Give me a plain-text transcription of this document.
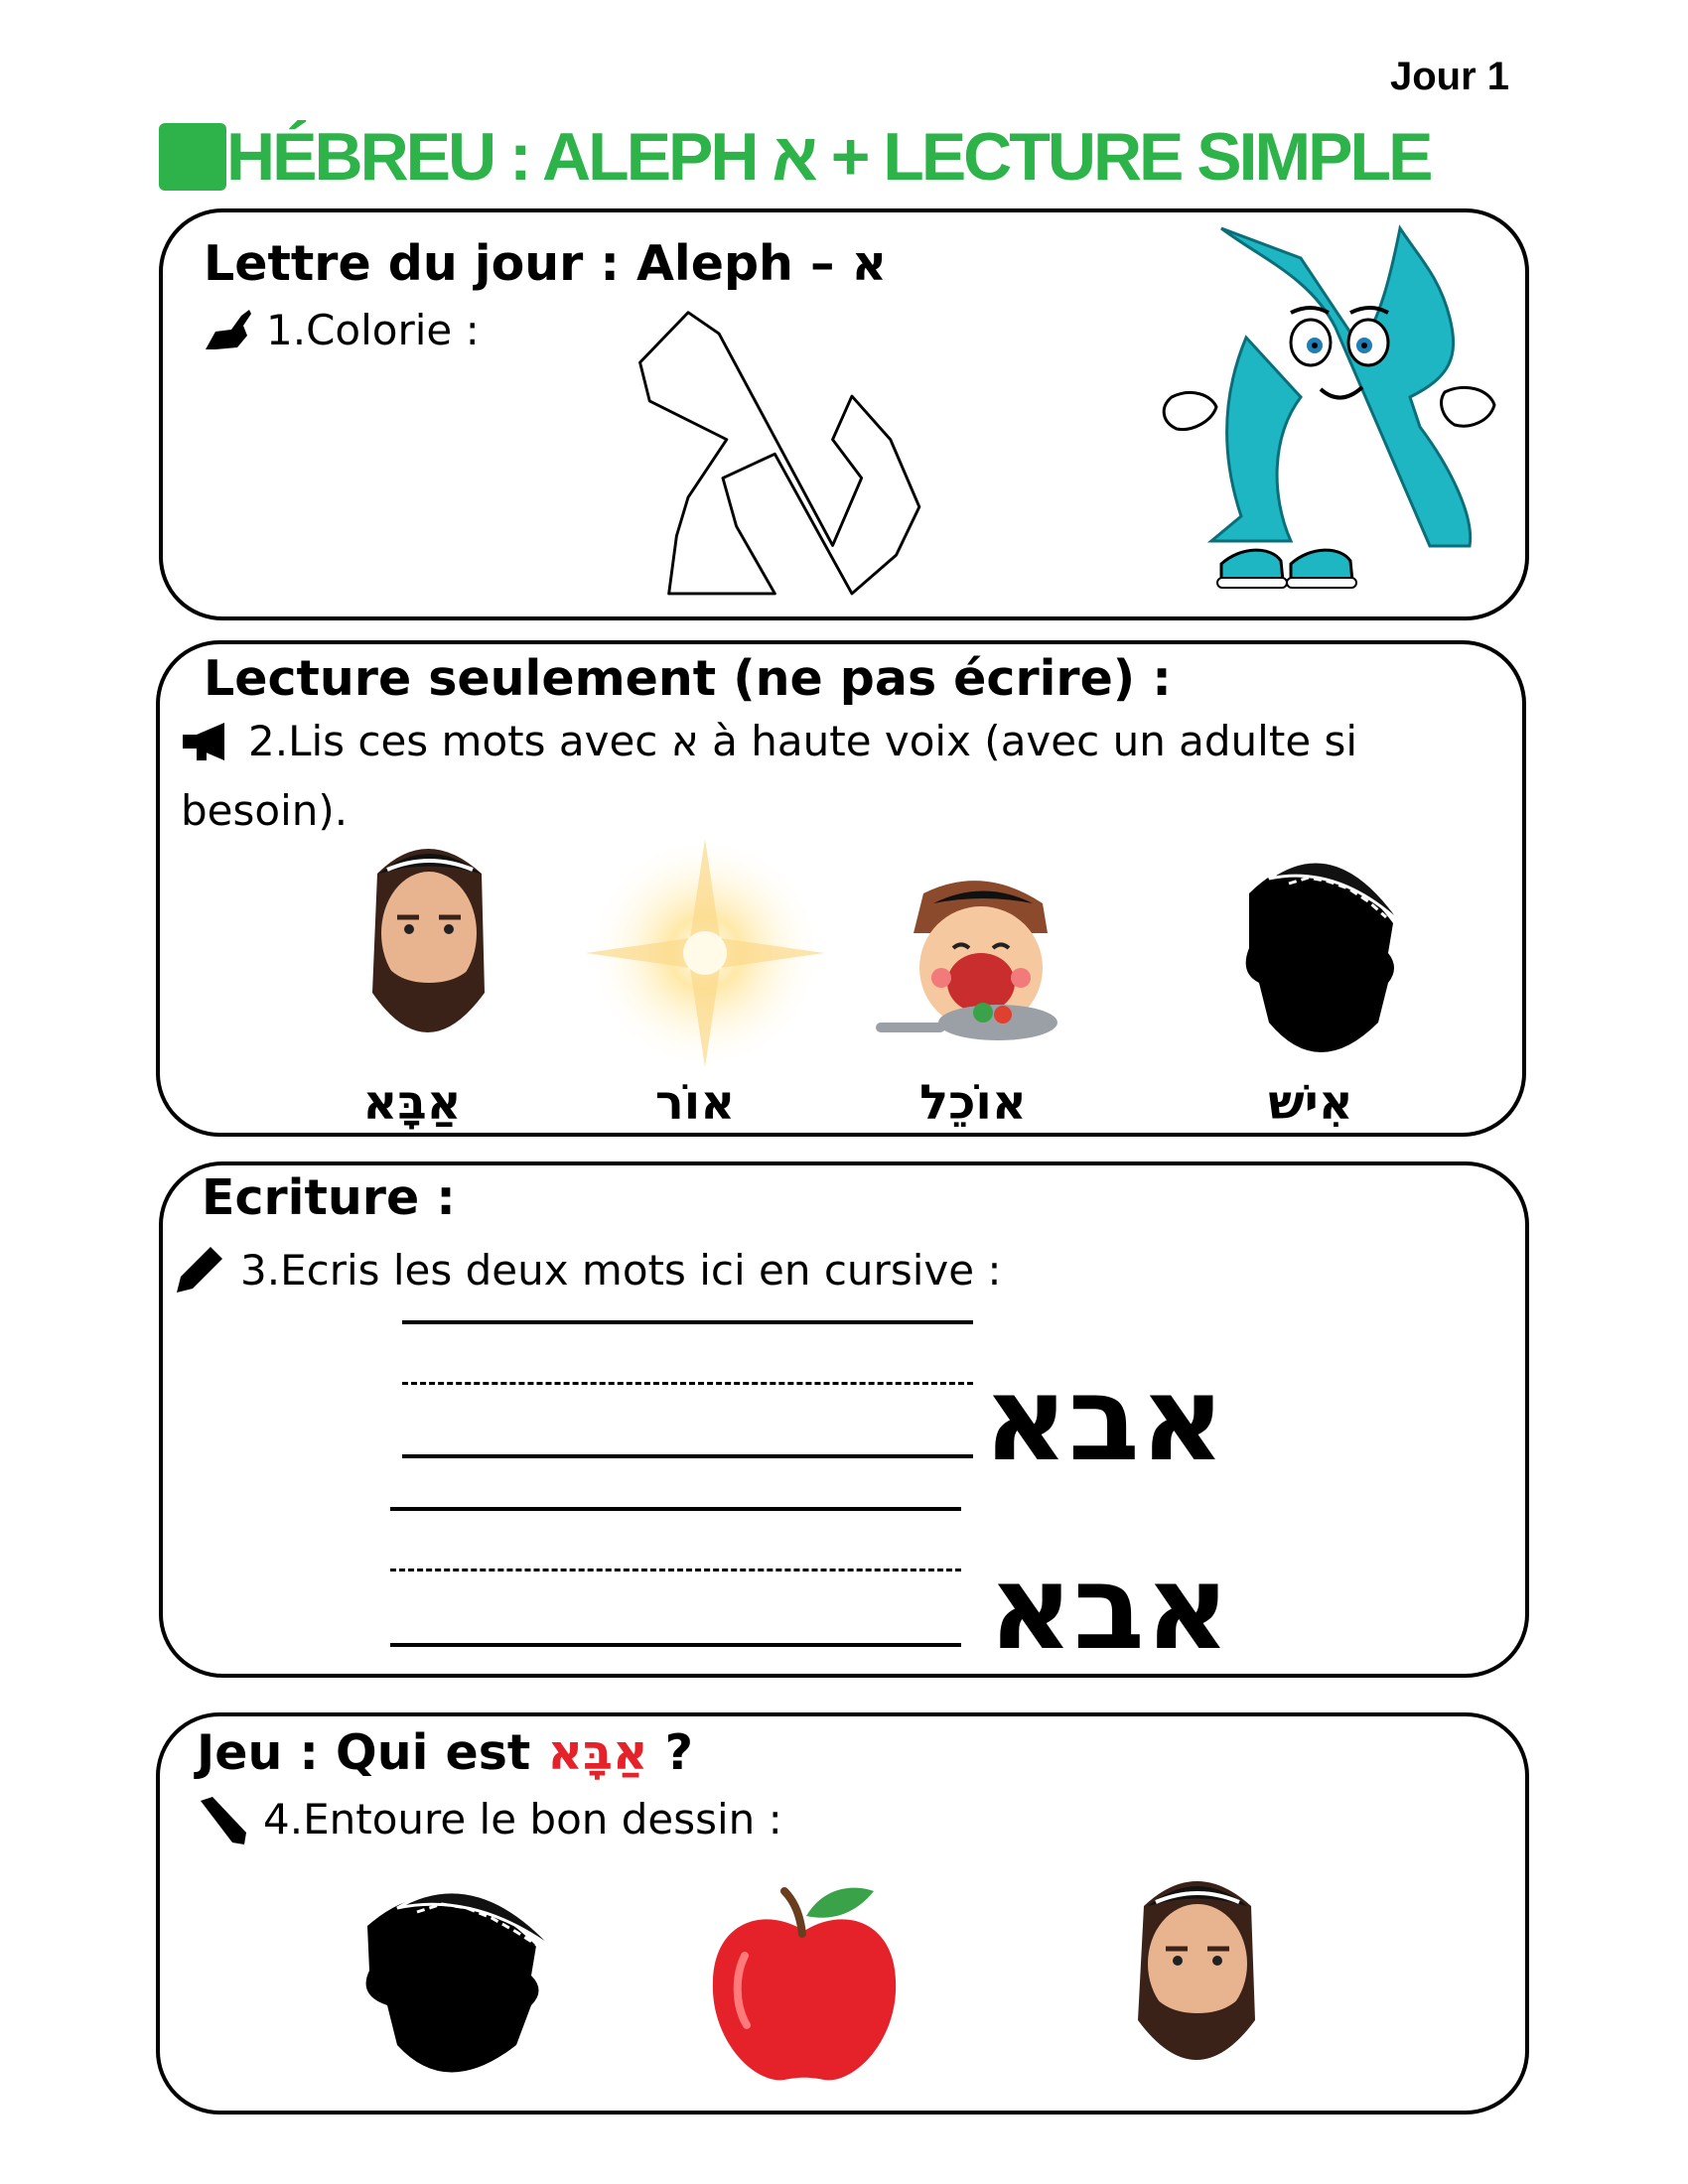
Jour 1
HÉBREU : ALEPH א + LECTURE SIMPLE
Lettre du jour : Aleph – א
1.Colorie :
Lecture seulement (ne pas écrire) :
2.Lis ces mots avec א à haute voix (avec un adulte si
besoin).
אַבָּא	אוֹר	אוֹכֵל	אִישׁ
Ecriture :
3.Ecris les deux mots ici en cursive :
אבא
אבא
Jeu : Qui est אַבָּא ?
4.Entoure le bon dessin :
